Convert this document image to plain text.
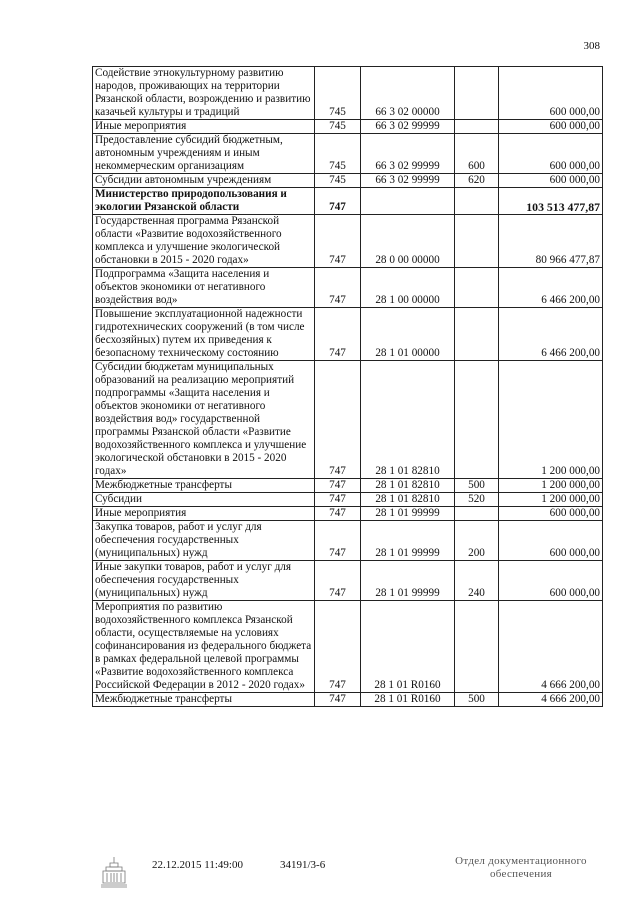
308
Содействие этнокультурному развитию народов, проживающих на территории Рязанской области, возрождению и развитию казачьей культуры и традиций	745	66 3 02 00000		600 000,00
Иные мероприятия	745	66 3 02 99999		600 000,00
Предоставление субсидий бюджетным, автономным учреждениям и иным некоммерческим организациям	745	66 3 02 99999	600	600 000,00
Субсидии автономным учреждениям	745	66 3 02 99999	620	600 000,00
Министерство природопользования и экологии Рязанской области	747			103 513 477,87
Государственная программа Рязанской области «Развитие водохозяйственного комплекса и улучшение экологической обстановки в 2015 - 2020 годах»	747	28 0 00 00000		80 966 477,87
Подпрограмма «Защита населения и объектов экономики от негативного воздействия вод»	747	28 1 00 00000		6 466 200,00
Повышение эксплуатационной надежности гидротехнических сооружений (в том числе бесхозяйных) путем их приведения к безопасному техническому состоянию	747	28 1 01 00000		6 466 200,00
Субсидии бюджетам муниципальных образований на реализацию мероприятий подпрограммы «Защита населения и объектов экономики от негативного воздействия вод» государственной программы Рязанской области «Развитие водохозяйственного комплекса и улучшение экологической обстановки в 2015 - 2020 годах»	747	28 1 01 82810		1 200 000,00
Межбюджетные трансферты	747	28 1 01 82810	500	1 200 000,00
Субсидии	747	28 1 01 82810	520	1 200 000,00
Иные мероприятия	747	28 1 01 99999		600 000,00
Закупка товаров, работ и услуг для обеспечения государственных (муниципальных) нужд	747	28 1 01 99999	200	600 000,00
Иные закупки товаров, работ и услуг для обеспечения государственных (муниципальных) нужд	747	28 1 01 99999	240	600 000,00
Мероприятия по развитию водохозяйственного комплекса Рязанской области, осуществляемые на условиях софинансирования из федерального бюджета в рамках федеральной целевой программы «Развитие водохозяйственного комплекса Российской Федерации в 2012 - 2020 годах»	747	28 1 01 R0160		4 666 200,00
Межбюджетные трансферты	747	28 1 01 R0160	500	4 666 200,00
22.12.2015 11:49:00	34191/3-6	Отдел документационного обеспечения
